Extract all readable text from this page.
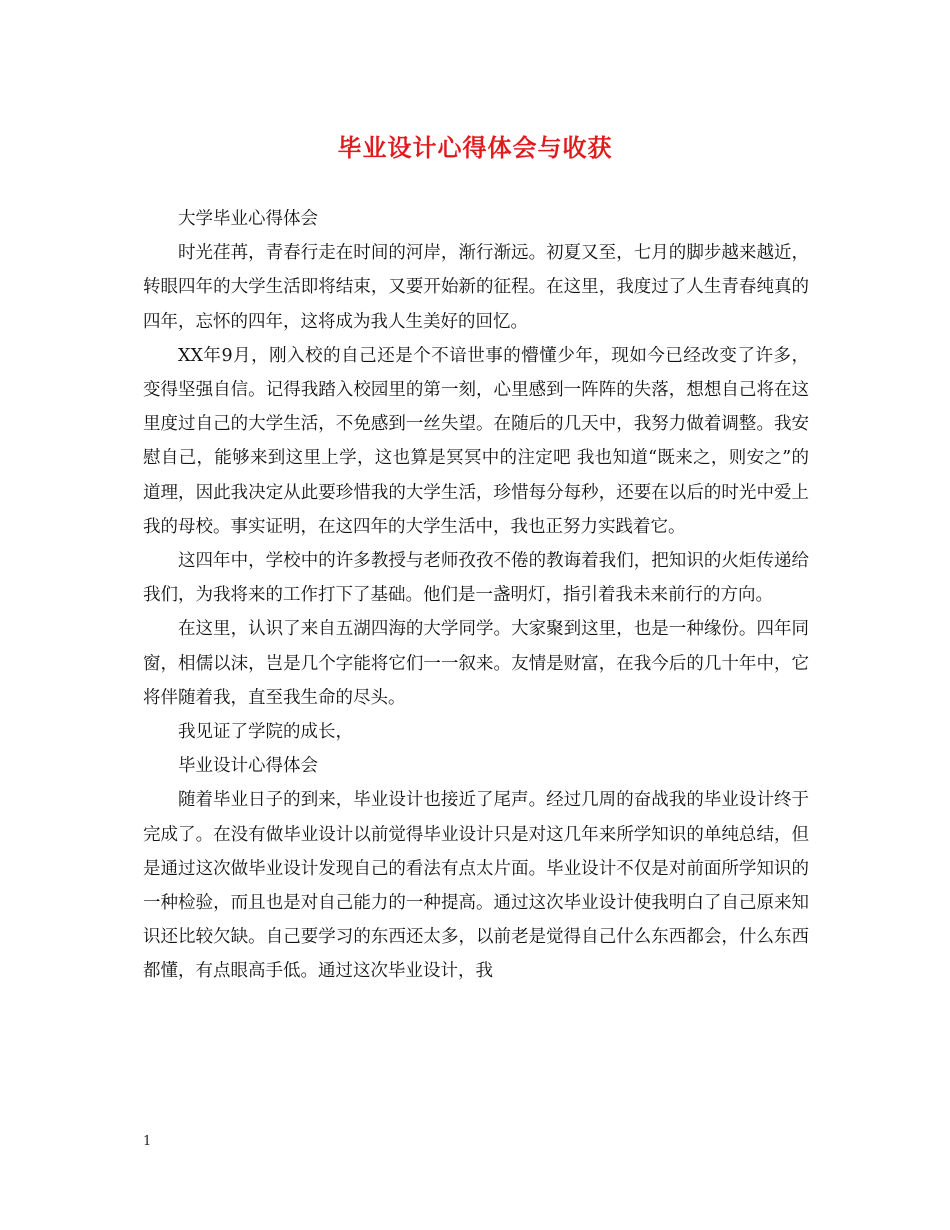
毕业设计心得体会与收获

大学毕业心得体会

时光荏苒，青春行走在时间的河岸，渐行渐远。初夏又至，七月的脚步越来越近，转眼四年的大学生活即将结束，又要开始新的征程。在这里，我度过了人生青春纯真的四年，忘怀的四年，这将成为我人生美好的回忆。

XX年9月，刚入校的自己还是个不谙世事的懵懂少年，现如今已经改变了许多，变得坚强自信。记得我踏入校园里的第一刻，心里感到一阵阵的失落，想想自己将在这里度过自己的大学生活，不免感到一丝失望。在随后的几天中，我努力做着调整。我安慰自己，能够来到这里上学，这也算是冥冥中的注定吧 我也知道“既来之，则安之”的道理，因此我决定从此要珍惜我的大学生活，珍惜每分每秒，还要在以后的时光中爱上我的母校。事实证明，在这四年的大学生活中，我也正努力实践着它。

这四年中，学校中的许多教授与老师孜孜不倦的教诲着我们，把知识的火炬传递给我们，为我将来的工作打下了基础。他们是一盏明灯，指引着我未来前行的方向。

在这里，认识了来自五湖四海的大学同学。大家聚到这里，也是一种缘份。四年同窗，相儒以沫，岂是几个字能将它们一一叙来。友情是财富，在我今后的几十年中，它将伴随着我，直至我生命的尽头。

我见证了学院的成长，

毕业设计心得体会

随着毕业日子的到来，毕业设计也接近了尾声。经过几周的奋战我的毕业设计终于完成了。在没有做毕业设计以前觉得毕业设计只是对这几年来所学知识的单纯总结，但是通过这次做毕业设计发现自己的看法有点太片面。毕业设计不仅是对前面所学知识的一种检验，而且也是对自己能力的一种提高。通过这次毕业设计使我明白了自己原来知识还比较欠缺。自己要学习的东西还太多，以前老是觉得自己什么东西都会，什么东西都懂，有点眼高手低。通过这次毕业设计，我

1
